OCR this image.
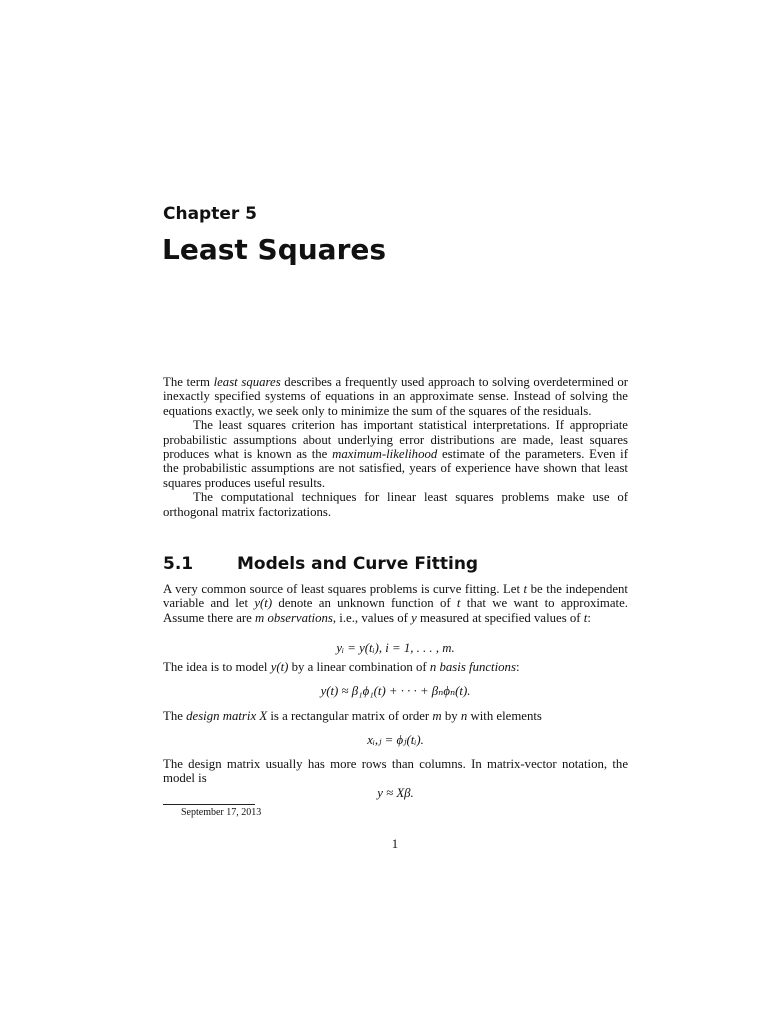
Chapter 5
Least Squares

The term least squares describes a frequently used approach to solving overdetermined or inexactly specified systems of equations in an approximate sense. Instead of solving the equations exactly, we seek only to minimize the sum of the squares of the residuals.

The least squares criterion has important statistical interpretations. If appropriate probabilistic assumptions about underlying error distributions are made, least squares produces what is known as the maximum-likelihood estimate of the parameters. Even if the probabilistic assumptions are not satisfied, years of experience have shown that least squares produces useful results.

The computational techniques for linear least squares problems make use of orthogonal matrix factorizations.

5.1	Models and Curve Fitting
A very common source of least squares problems is curve fitting. Let t be the independent variable and let y(t) denote an unknown function of t that we want to approximate. Assume there are m observations, i.e., values of y measured at specified values of t:
yᵢ = y(tᵢ), i = 1, . . . , m.
The idea is to model y(t) by a linear combination of n basis functions:
y(t) ≈ β₁ϕ₁(t) + · · · + βₙϕₙ(t).
The design matrix X is a rectangular matrix of order m by n with elements
xᵢ,ⱼ = ϕⱼ(tᵢ).
The design matrix usually has more rows than columns. In matrix-vector notation, the model is
y ≈ Xβ.
September 17, 2013
1
